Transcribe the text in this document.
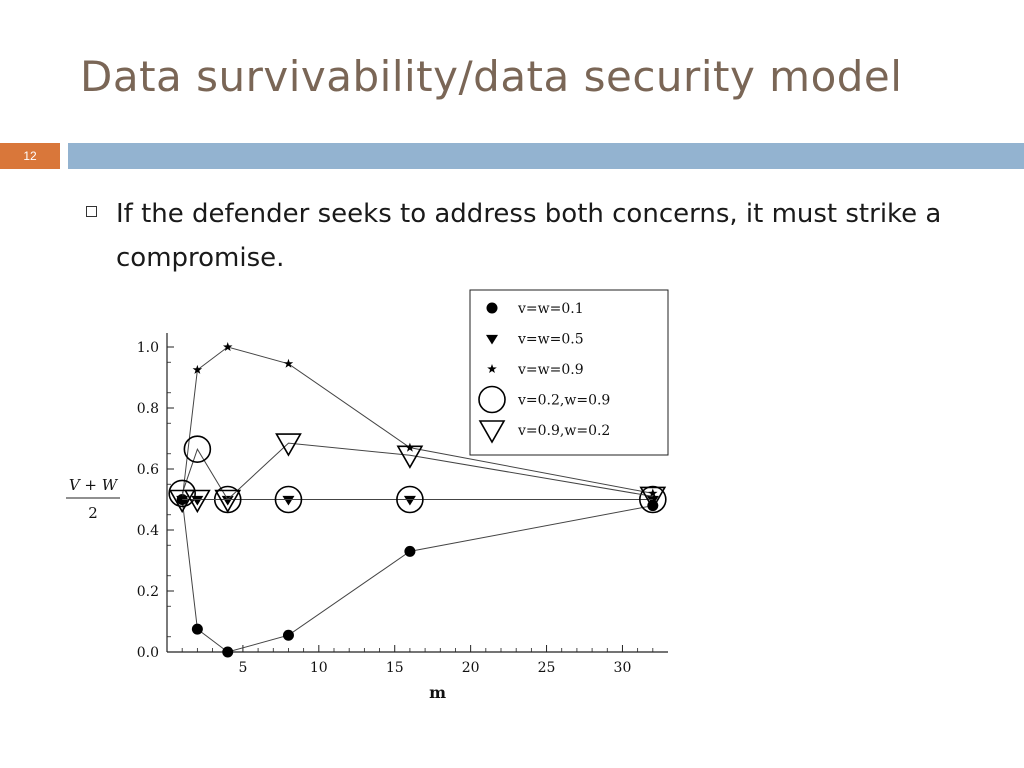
Data survivability/data security model
12
If the defender seeks to address both concerns, it must strike a compromise.
0.0
0.2
0.4
0.6
0.8
1.0
5	10	15	20	25	30
m
V + W
2
v=w=0.1
v=w=0.5
v=w=0.9
v=0.2,w=0.9
v=0.9,w=0.2
